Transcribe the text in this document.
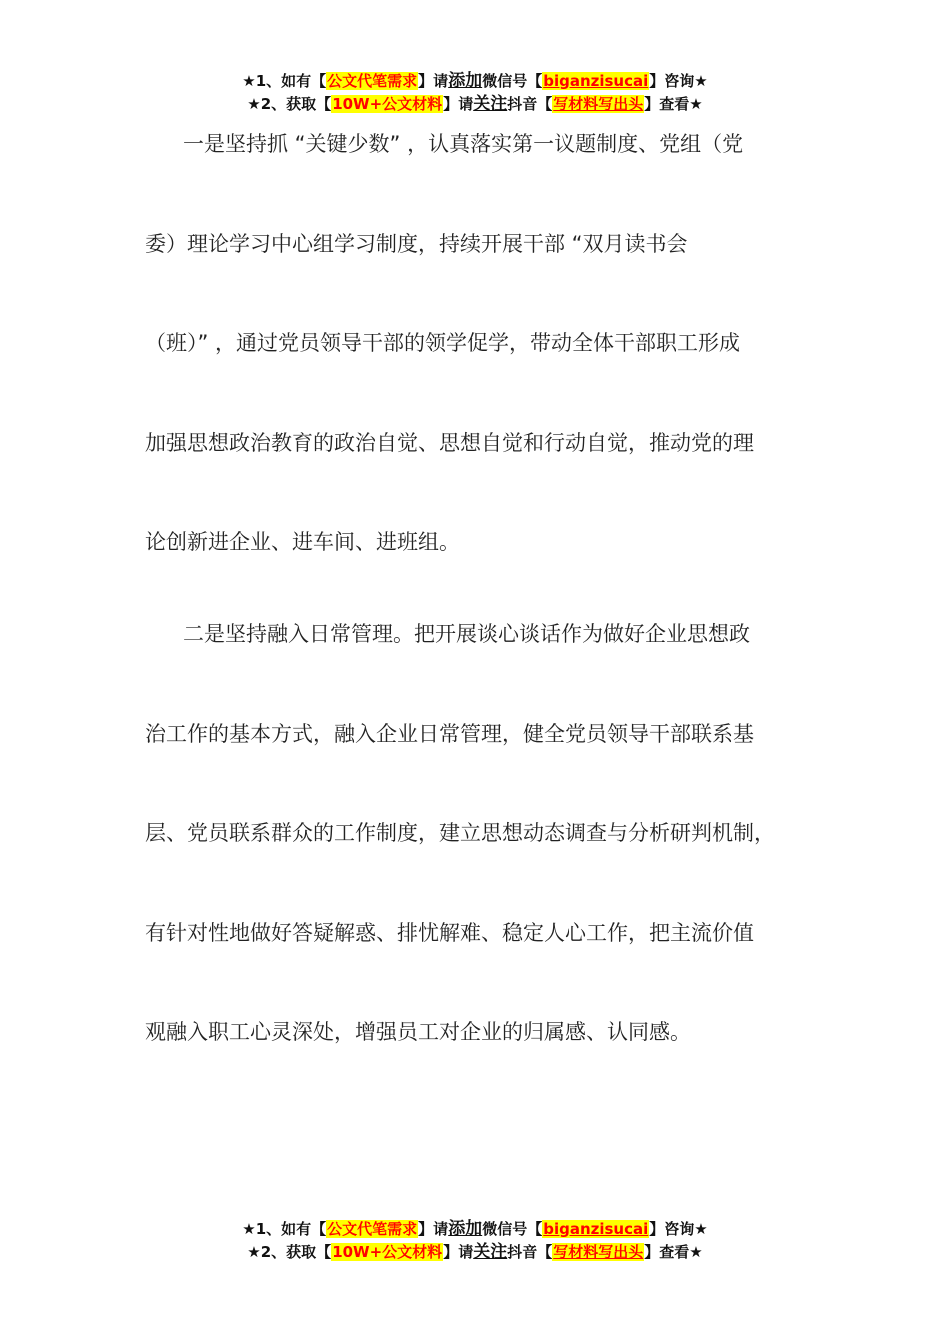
★1、如有【公文代笔需求】请添加微信号【biganzisucai】咨询★
★2、获取【10W+公文材料】请关注抖音【写材料写出头】查看★
一是坚持抓 “关键少数” ，认真落实第一议题制度、党组（党
委）理论学习中心组学习制度，持续开展干部 “双月读书会
（班）” ，通过党员领导干部的领学促学，带动全体干部职工形成
加强思想政治教育的政治自觉、思想自觉和行动自觉，推动党的理
论创新进企业、进车间、进班组。
二是坚持融入日常管理。把开展谈心谈话作为做好企业思想政
治工作的基本方式，融入企业日常管理，健全党员领导干部联系基
层、党员联系群众的工作制度，建立思想动态调查与分析研判机制，
有针对性地做好答疑解惑、排忧解难、稳定人心工作，把主流价值
观融入职工心灵深处，增强员工对企业的归属感、认同感。
★1、如有【公文代笔需求】请添加微信号【biganzisucai】咨询★
★2、获取【10W+公文材料】请关注抖音【写材料写出头】查看★
